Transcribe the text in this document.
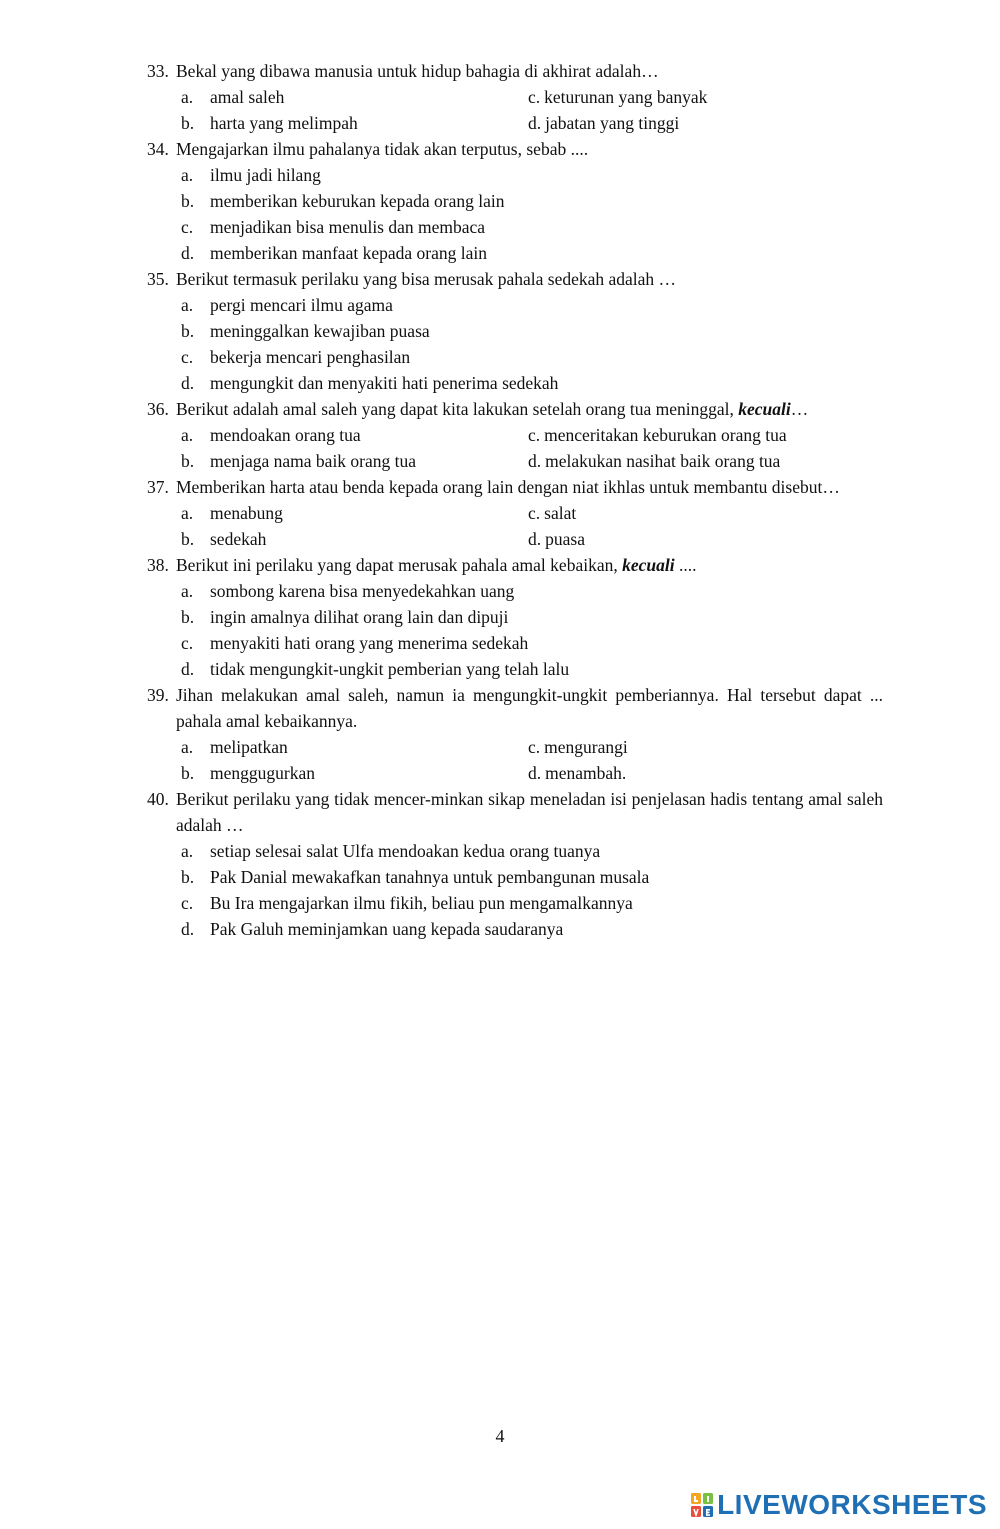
33. Bekal yang dibawa manusia untuk hidup bahagia di akhirat adalah…
a. amal saleh	c. keturunan yang banyak
b. harta yang melimpah	d. jabatan yang tinggi
34. Mengajarkan ilmu pahalanya tidak akan terputus, sebab ....
a. ilmu jadi hilang
b. memberikan keburukan kepada orang lain
c. menjadikan bisa menulis dan membaca
d. memberikan manfaat kepada orang lain
35. Berikut termasuk perilaku yang bisa merusak pahala sedekah adalah …
a. pergi mencari ilmu agama
b. meninggalkan kewajiban puasa
c. bekerja mencari penghasilan
d. mengungkit dan menyakiti hati penerima sedekah
36. Berikut adalah amal saleh yang dapat kita lakukan setelah orang tua meninggal, kecuali…
a. mendoakan orang tua	c. menceritakan keburukan orang tua
b. menjaga nama baik orang tua	d. melakukan nasihat baik orang tua
37. Memberikan harta atau benda kepada orang lain dengan niat ikhlas untuk membantu disebut…
a. menabung	c. salat
b. sedekah	d. puasa
38. Berikut ini perilaku yang dapat merusak pahala amal kebaikan, kecuali ....
a. sombong karena bisa menyedekahkan uang
b. ingin amalnya dilihat orang lain dan dipuji
c. menyakiti hati orang yang menerima sedekah
d. tidak mengungkit-ungkit pemberian yang telah lalu
39. Jihan melakukan amal saleh, namun ia mengungkit-ungkit pemberiannya. Hal tersebut dapat ... pahala amal kebaikannya.
a. melipatkan	c. mengurangi
b. menggugurkan	d. menambah.
40. Berikut perilaku yang tidak mencer-minkan sikap meneladan isi penjelasan hadis tentang amal saleh adalah …
a. setiap selesai salat Ulfa mendoakan kedua orang tuanya
b. Pak Danial mewakafkan tanahnya untuk pembangunan musala
c. Bu Ira mengajarkan ilmu fikih, beliau pun mengamalkannya
d. Pak Galuh meminjamkan uang kepada saudaranya
4
LIVEWORKSHEETS
